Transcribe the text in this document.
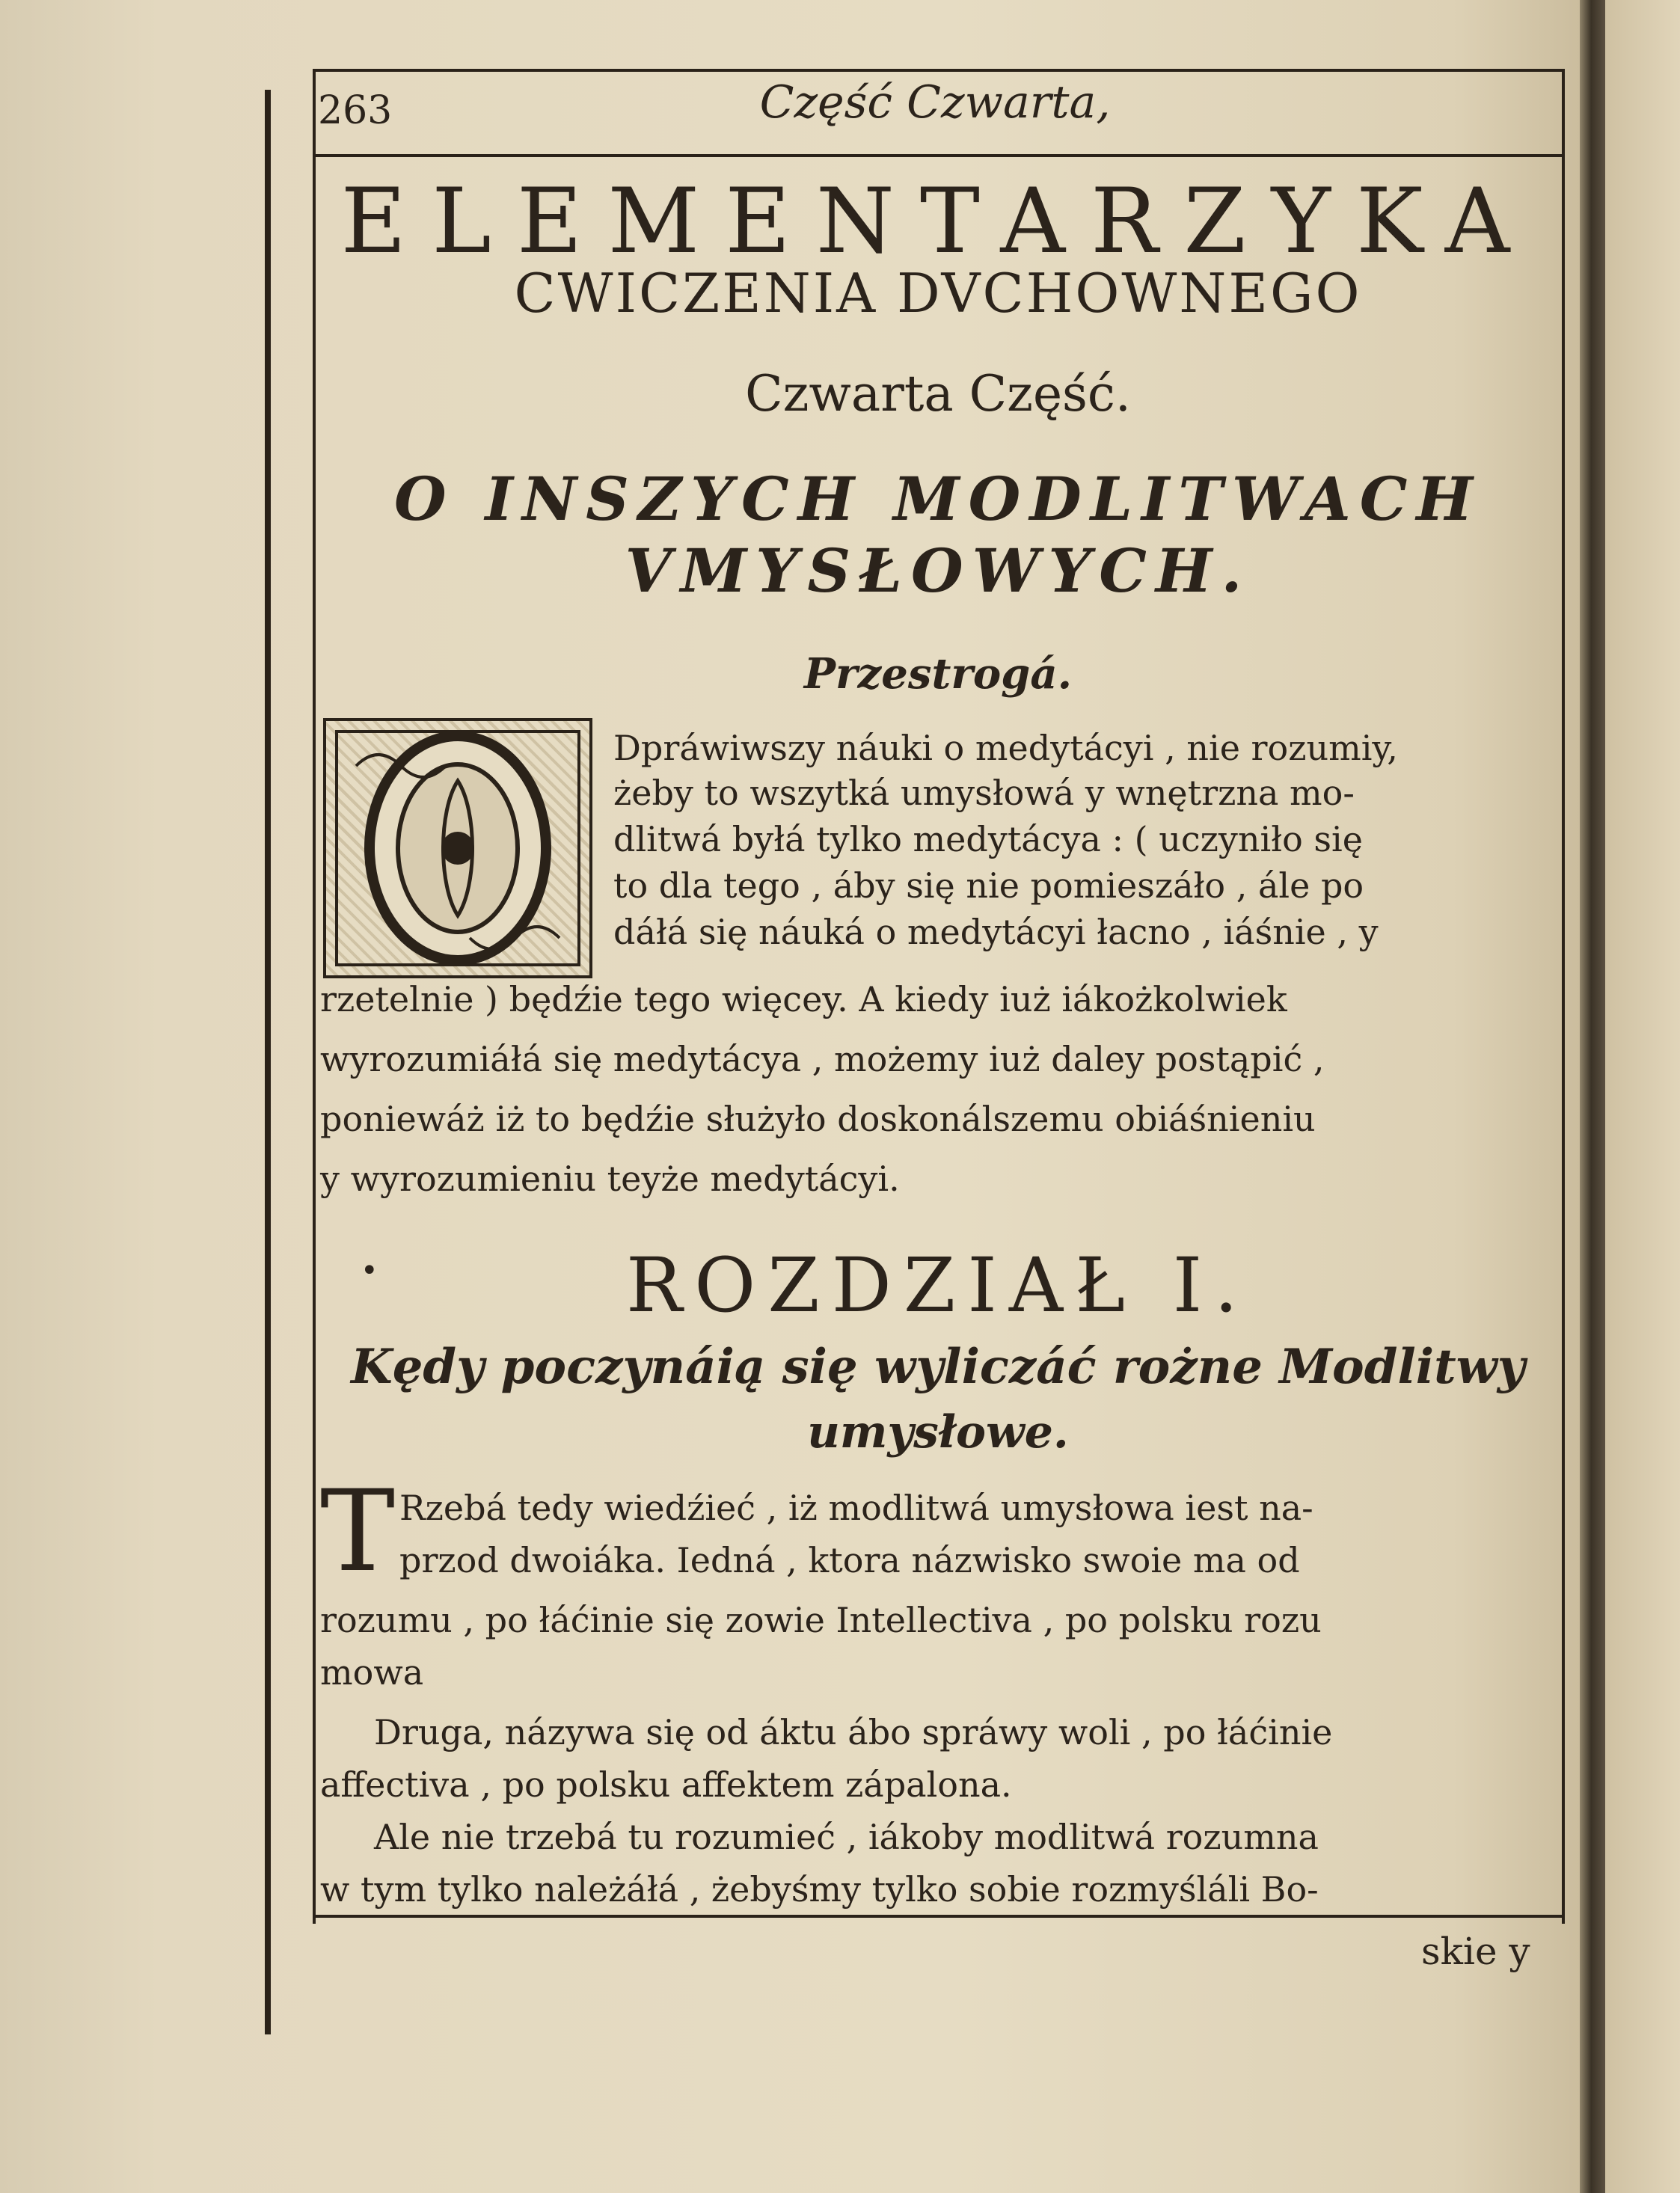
263	Część Czwarta,
ELEMENTARZYKA
CWICZENIA DVCHOWNEGO
Czwarta Część.
O INSZYCH MODLITWACH
VMYSŁOWYCH.
Przestrogá.
Dpráwiwszy náuki o medytácyi , nie rozumiy,
żeby to wszytká umysłowá y wnętrzna mo-
dlitwá byłá tylko medytácya : ( uczyniło się
to dla tego , áby się nie pomieszáło , ále po
dáłá się náuká o medytácyi łacno , iáśnie , y
rzetelnie ) będźie tego więcey. A kiedy iuż iákożkolwiek
wyrozumiáłá się medytácya , możemy iuż daley postąpić ,
poniewáż iż to będźie służyło doskonálszemu obiáśnieniu
y wyrozumieniu teyże medytácyi.
•	ROZDZIAŁ I.
Kędy poczynáią się wyliczáć rożne Modlitwy
umysłowe.
T Rzebá tedy wiedźieć , iż modlitwá umysłowa iest na-
przod dwoiáka. Iedná , ktora názwisko swoie ma od
rozumu , po łáćinie się zowie Intellectiva , po polsku rozu
mowa
Druga, názywa się od áktu ábo spráwy woli , po łáćinie
affectiva , po polsku affektem zápalona.
Ale nie trzebá tu rozumieć , iákoby modlitwá rozumna
w tym tylko należáłá , żebyśmy tylko sobie rozmyśláli Bo-
skie y
